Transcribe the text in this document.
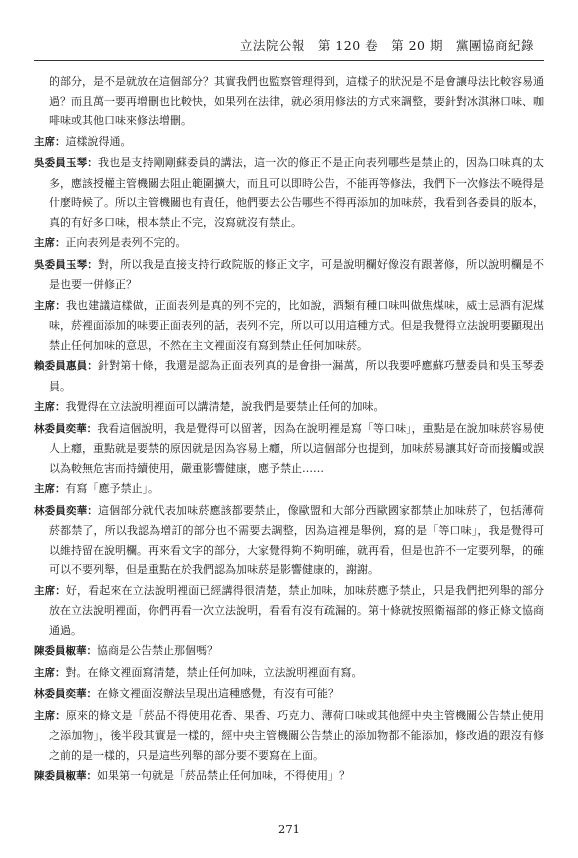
立法院公報　第 120 卷　第 20 期　黨團協商紀錄

的部分，是不是就放在這個部分？其實我們也監察管理得到，這樣子的狀況是不是會讓母法比較容易通過？而且萬一要再增刪也比較快，如果列在法律，就必須用修法的方式來調整，要針對冰淇淋口味、咖啡味或其他口味來修法增刪。

主席：這樣說得通。

吳委員玉琴：我也是支持剛剛蘇委員的講法，這一次的修正不是正向表列哪些是禁止的，因為口味真的太多，應該授權主管機關去阻止範圍擴大，而且可以即時公告，不能再等修法，我們下一次修法不曉得是什麼時候了。所以主管機關也有責任，他們要去公告哪些不得再添加的加味菸，我看到各委員的版本，真的有好多口味，根本禁止不完，沒寫就沒有禁止。

主席：正向表列是表列不完的。

吳委員玉琴：對，所以我是直接支持行政院版的修正文字，可是說明欄好像沒有跟著修，所以說明欄是不是也要一併修正？

主席：我也建議這樣做，正面表列是真的列不完的，比如說，酒類有種口味叫做焦煤味，威士忌酒有泥煤味，菸裡面添加的味要正面表列的話，表列不完，所以可以用這種方式。但是我覺得立法說明要顯現出禁止任何加味的意思，不然在主文裡面沒有寫到禁止任何加味菸。

賴委員惠員：針對第十條，我還是認為正面表列真的是會掛一漏萬，所以我要呼應蘇巧慧委員和吳玉琴委員。

主席：我覺得在立法說明裡面可以講清楚，說我們是要禁止任何的加味。

林委員奕華：我看這個說明，我是覺得可以留著，因為在說明裡是寫「等口味」，重點是在說加味菸容易使人上癮，重點就是要禁的原因就是因為容易上癮，所以這個部分也提到，加味菸易讓其好奇而接觸或誤以為較無危害而持續使用，嚴重影響健康，應予禁止……

主席：有寫「應予禁止」。

林委員奕華：這個部分就代表加味菸應該都要禁止，像歐盟和大部分西歐國家都禁止加味菸了，包括薄荷菸都禁了，所以我認為增訂的部分也不需要去調整，因為這裡是舉例，寫的是「等口味」，我是覺得可以維持留在說明欄。再來看文字的部分，大家覺得夠不夠明確，就再看，但是也許不一定要列舉，的確可以不要列舉，但是重點在於我們認為加味菸是影響健康的，謝謝。

主席：好，看起來在立法說明裡面已經講得很清楚，禁止加味，加味菸應予禁止，只是我們把列舉的部分放在立法說明裡面，你們再看一次立法說明，看看有沒有疏漏的。第十條就按照衛福部的修正條文協商通過。

陳委員椒華：協商是公告禁止那個嗎？

主席：對。在條文裡面寫清楚，禁止任何加味，立法說明裡面有寫。

林委員奕華：在條文裡面沒辦法呈現出這種感覺，有沒有可能？

主席：原來的條文是「菸品不得使用花香、果香、巧克力、薄荷口味或其他經中央主管機關公告禁止使用之添加物」，後半段其實是一樣的，經中央主管機關公告禁止的添加物都不能添加，修改過的跟沒有修之前的是一樣的，只是這些列舉的部分要不要寫在上面。

陳委員椒華：如果第一句就是「菸品禁止任何加味，不得使用」？

271
